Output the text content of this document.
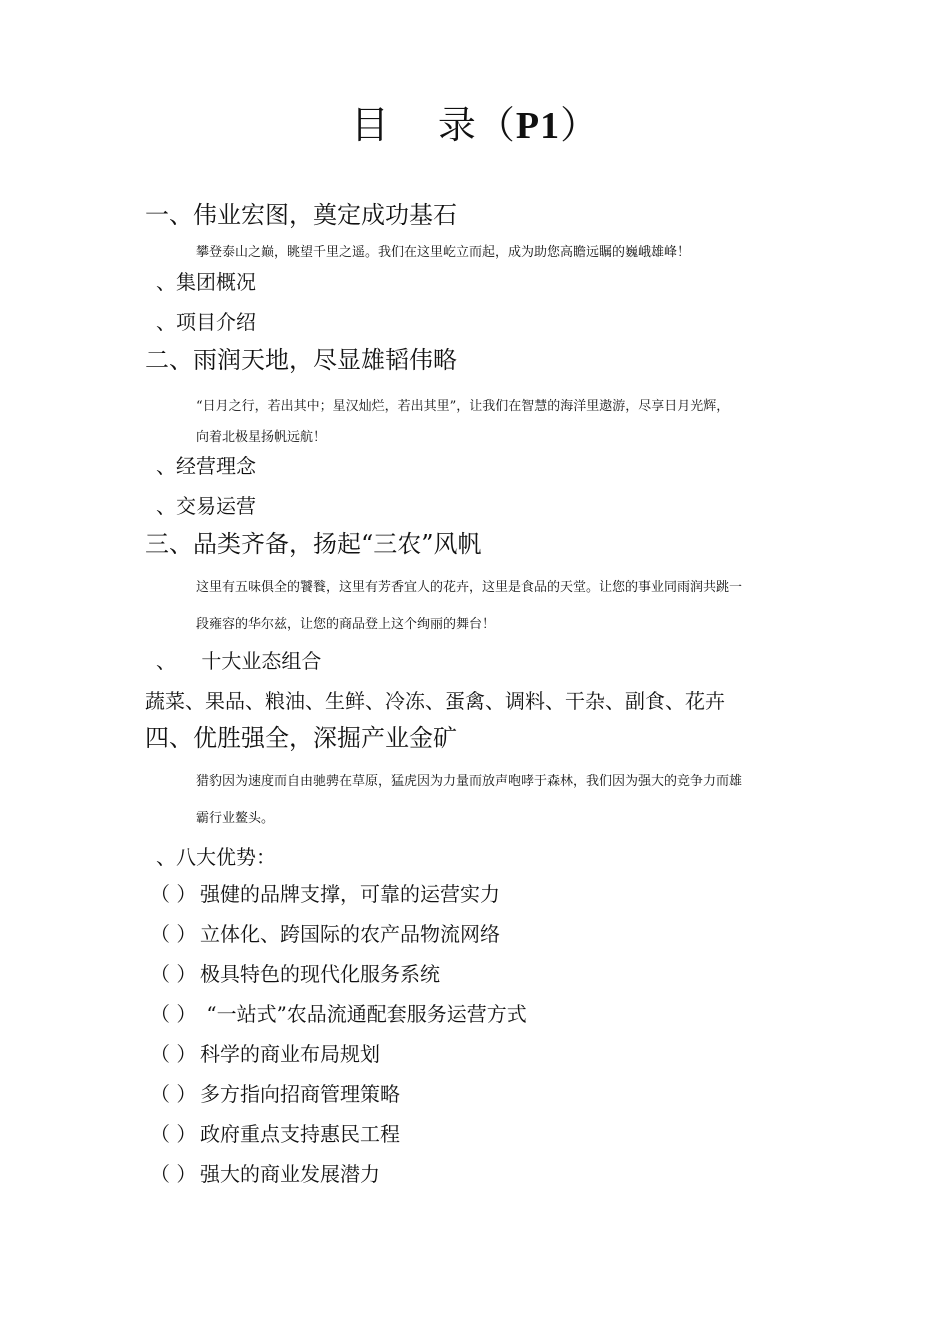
目 录（P1）
一、伟业宏图，奠定成功基石
攀登泰山之巅，眺望千里之遥。我们在这里屹立而起，成为助您高瞻远瞩的巍峨雄峰！
、集团概况
、项目介绍
二、雨润天地，尽显雄韬伟略
“日月之行，若出其中；星汉灿烂，若出其里”，让我们在智慧的海洋里遨游，尽享日月光辉，
向着北极星扬帆远航！
、经营理念
、交易运营
三、品类齐备，扬起“三农”风帆
这里有五味俱全的饕餮，这里有芳香宜人的花卉，这里是食品的天堂。让您的事业同雨润共跳一
段雍容的华尔兹，让您的商品登上这个绚丽的舞台！
、    十大业态组合
蔬菜、果品、粮油、生鲜、冷冻、蛋禽、调料、干杂、副食、花卉
四、优胜强全，深掘产业金矿
猎豹因为速度而自由驰骋在草原，猛虎因为力量而放声咆哮于森林，我们因为强大的竞争力而雄
霸行业鳌头。
、八大优势：
（ ） 强健的品牌支撑，可靠的运营实力
（ ） 立体化、跨国际的农产品物流网络
（ ） 极具特色的现代化服务系统
（ ） “一站式”农品流通配套服务运营方式
（ ） 科学的商业布局规划
（ ） 多方指向招商管理策略
（ ） 政府重点支持惠民工程
（ ） 强大的商业发展潜力
